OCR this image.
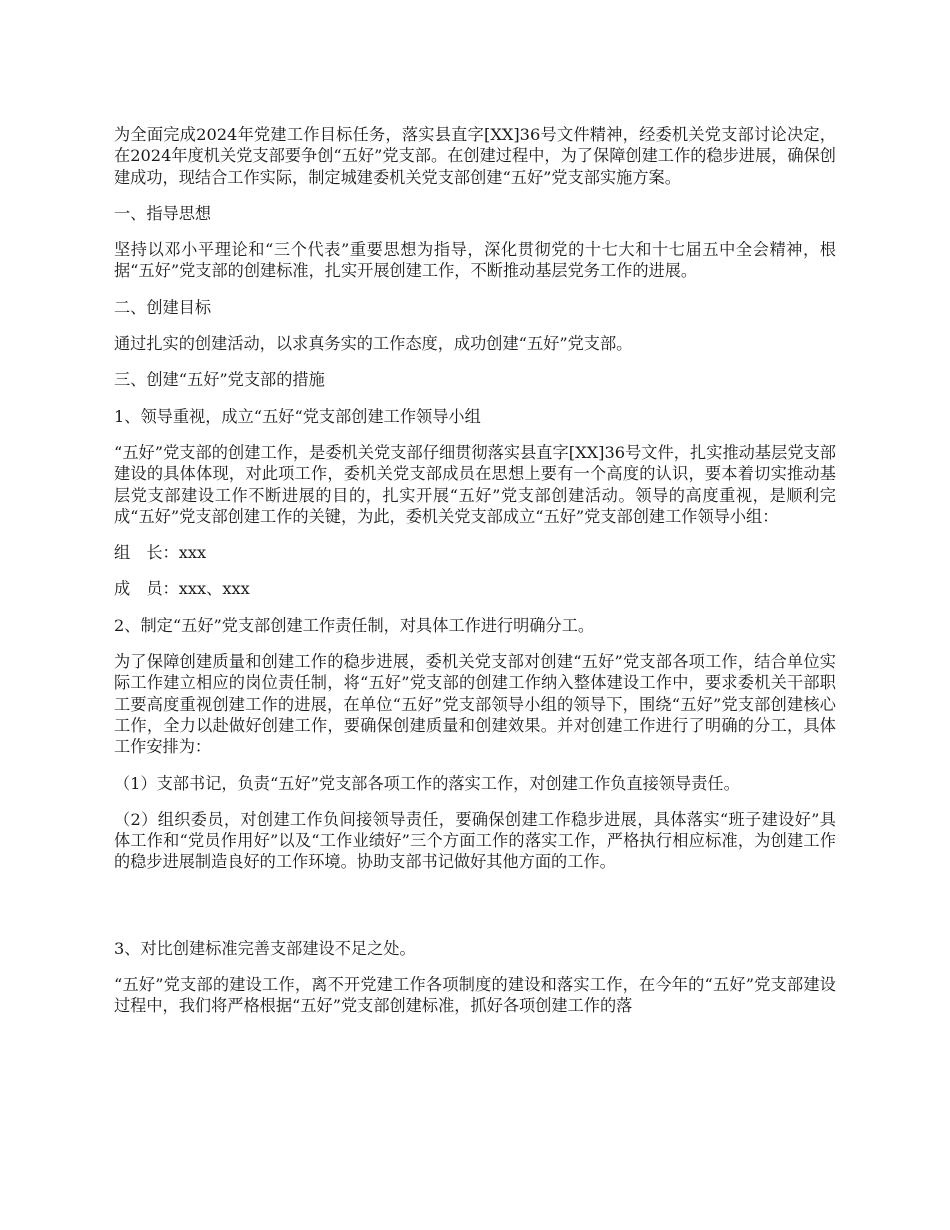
为全面完成2024年党建工作目标任务，落实县直字[XX]36号文件精神，经委机关党支部讨论决定，在2024年度机关党支部要争创“五好”党支部。在创建过程中，为了保障创建工作的稳步进展，确保创建成功，现结合工作实际，制定城建委机关党支部创建“五好”党支部实施方案。

一、指导思想

坚持以邓小平理论和“三个代表”重要思想为指导，深化贯彻党的十七大和十七届五中全会精神，根据“五好”党支部的创建标准，扎实开展创建工作，不断推动基层党务工作的进展。

二、创建目标

通过扎实的创建活动，以求真务实的工作态度，成功创建“五好”党支部。

三、创建“五好”党支部的措施

1、领导重视，成立“五好“党支部创建工作领导小组

“五好”党支部的创建工作，是委机关党支部仔细贯彻落实县直字[XX]36号文件，扎实推动基层党支部建设的具体体现，对此项工作，委机关党支部成员在思想上要有一个高度的认识，要本着切实推动基层党支部建设工作不断进展的目的，扎实开展“五好”党支部创建活动。领导的高度重视，是顺利完成“五好”党支部创建工作的关键，为此，委机关党支部成立“五好”党支部创建工作领导小组：

组　长：xxx

成　员：xxx、xxx

2、制定“五好”党支部创建工作责任制，对具体工作进行明确分工。

为了保障创建质量和创建工作的稳步进展，委机关党支部对创建“五好”党支部各项工作，结合单位实际工作建立相应的岗位责任制，将“五好”党支部的创建工作纳入整体建设工作中，要求委机关干部职工要高度重视创建工作的进展，在单位“五好”党支部领导小组的领导下，围绕“五好”党支部创建核心工作，全力以赴做好创建工作，要确保创建质量和创建效果。并对创建工作进行了明确的分工，具体工作安排为：

（1）支部书记，负责“五好”党支部各项工作的落实工作，对创建工作负直接领导责任。

（2）组织委员，对创建工作负间接领导责任，要确保创建工作稳步进展，具体落实“班子建设好”具体工作和“党员作用好”以及“工作业绩好”三个方面工作的落实工作，严格执行相应标准，为创建工作的稳步进展制造良好的工作环境。协助支部书记做好其他方面的工作。

3、对比创建标准完善支部建设不足之处。

“五好”党支部的建设工作，离不开党建工作各项制度的建设和落实工作，在今年的“五好”党支部建设过程中，我们将严格根据“五好”党支部创建标准，抓好各项创建工作的落
